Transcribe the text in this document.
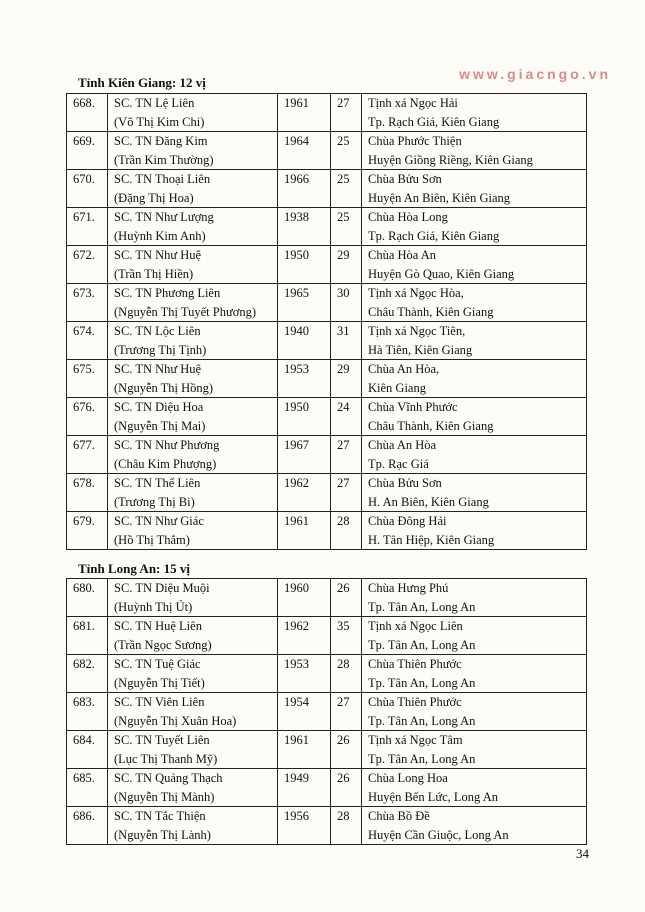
www.giacngo.vn
Tỉnh Kiên Giang: 12 vị
668.	SC. TN Lệ Liên
(Võ Thị Kim Chi)	1961	27	Tịnh xá Ngọc Hải
Tp. Rạch Giá, Kiên Giang

669.	SC. TN Đăng Kim
(Trần Kim Thường)	1964	25	Chùa Phước Thiện
Huyện Giồng Riềng, Kiên Giang

670.	SC. TN Thoại Liên
(Đặng Thị Hoa)	1966	25	Chùa Bửu Sơn
Huyện An Biên, Kiên Giang

671.	SC. TN Như Lượng
(Huỳnh Kim Anh)	1938	25	Chùa Hòa Long
Tp. Rạch Giá, Kiên Giang

672.	SC. TN Như Huệ
(Trần Thị Hiền)	1950	29	Chùa Hòa An
Huyện Gò Quao, Kiên Giang

673.	SC. TN Phương Liên
(Nguyễn Thị Tuyết Phương)	1965	30	Tịnh xá Ngọc Hòa,
Châu Thành, Kiên Giang

674.	SC. TN Lộc Liên
(Trương Thị Tịnh)	1940	31	Tịnh xá Ngọc Tiên,
Hà Tiên, Kiên Giang

675.	SC. TN Như Huệ
(Nguyễn Thị Hồng)	1953	29	Chùa An Hòa,
Kiên Giang

676.	SC. TN Diệu Hoa
(Nguyễn Thị Mai)	1950	24	Chùa Vĩnh Phước
Châu Thành, Kiên Giang

677.	SC. TN Như Phương
(Châu Kim Phượng)	1967	27	Chùa An Hòa
Tp. Rạc Giá

678.	SC. TN Thể Liên
(Trương Thị Bi)	1962	27	Chùa Bửu Sơn
H. An Biên, Kiên Giang

679.	SC. TN Như Giác
(Hồ Thị Thắm)	1961	28	Chùa Đông Hải
H. Tân Hiệp, Kiên Giang
Tỉnh Long An: 15 vị
680.	SC. TN Diệu Muội
(Huỳnh Thị Út)	1960	26	Chùa Hưng Phú
Tp. Tân An, Long An

681.	SC. TN Huệ Liên
(Trần Ngọc Sương)	1962	35	Tịnh xá Ngọc Liên
Tp. Tân An, Long An

682.	SC. TN Tuệ Giác
(Nguyễn Thị Tiết)	1953	28	Chùa Thiên Phước
Tp. Tân An, Long An

683.	SC. TN Viên Liên
(Nguyễn Thị Xuân Hoa)	1954	27	Chùa Thiên Phước
Tp. Tân An, Long An

684.	SC. TN Tuyết Liên
(Lục Thị Thanh Mỹ)	1961	26	Tịnh xá Ngọc Tâm
Tp. Tân An, Long An

685.	SC. TN Quảng Thạch
(Nguyễn Thị Mành)	1949	26	Chùa Long Hoa
Huyện Bến Lức, Long An

686.	SC. TN Tắc Thiện
(Nguyễn Thị Lành)	1956	28	Chùa Bồ Đề
Huyện Cần Giuộc, Long An
34
